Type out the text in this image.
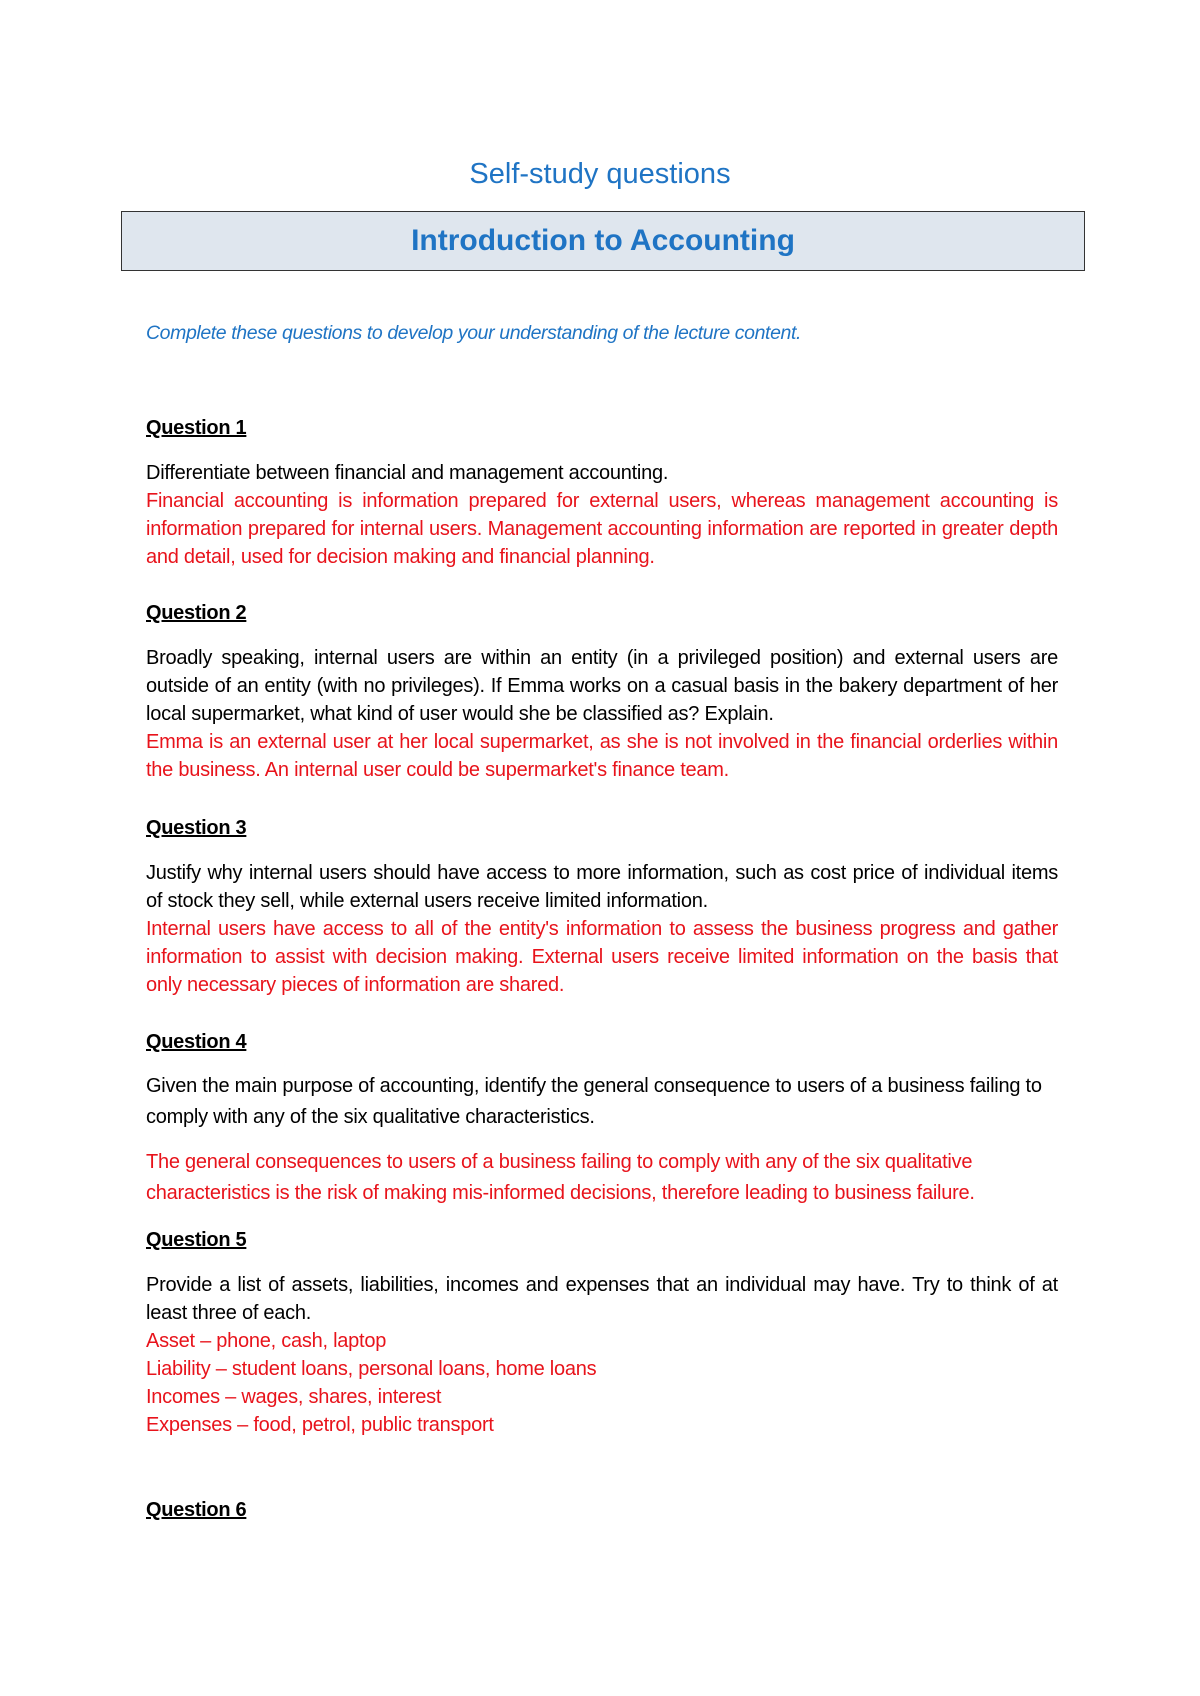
Self-study questions
Introduction to Accounting

Complete these questions to develop your understanding of the lecture content.

Question 1

Differentiate between financial and management accounting.

Financial accounting is information prepared for external users, whereas management accounting is information prepared for internal users. Management accounting information are reported in greater depth and detail, used for decision making and financial planning.

Question 2

Broadly speaking, internal users are within an entity (in a privileged position) and external users are outside of an entity (with no privileges). If Emma works on a casual basis in the bakery department of her local supermarket, what kind of user would she be classified as? Explain.

Emma is an external user at her local supermarket, as she is not involved in the financial orderlies within the business. An internal user could be supermarket's finance team.

Question 3

Justify why internal users should have access to more information, such as cost price of individual items of stock they sell, while external users receive limited information.

Internal users have access to all of the entity's information to assess the business progress and gather information to assist with decision making. External users receive limited information on the basis that only necessary pieces of information are shared.

Question 4

Given the main purpose of accounting, identify the general consequence to users of a business failing to comply with any of the six qualitative characteristics.

The general consequences to users of a business failing to comply with any of the six qualitative characteristics is the risk of making mis-informed decisions, therefore leading to business failure.

Question 5

Provide a list of assets, liabilities, incomes and expenses that an individual may have. Try to think of at least three of each.

Asset – phone, cash, laptop

Liability – student loans, personal loans, home loans

Incomes – wages, shares, interest

Expenses – food, petrol, public transport

Question 6
